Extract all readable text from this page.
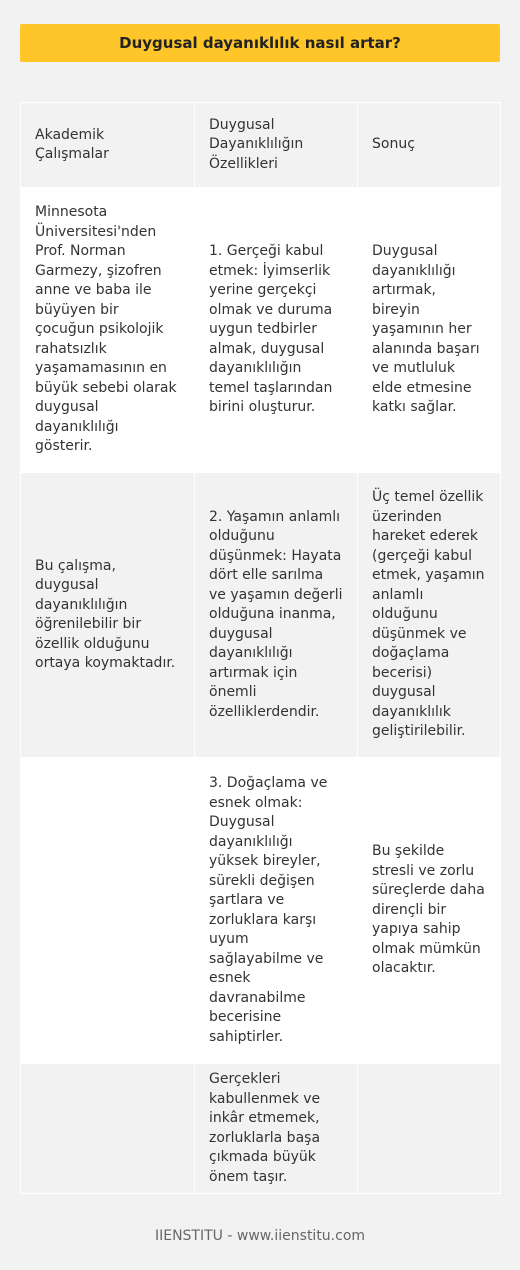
Duygusal dayanıklılık nasıl artar?
Akademik Çalışmalar	Duygusal Dayanıklılığın Özellikleri	Sonuç
Minnesota Üniversitesi'nden Prof. Norman Garmezy, şizofren anne ve baba ile büyüyen bir çocuğun psikolojik rahatsızlık yaşamamasının en büyük sebebi olarak duygusal dayanıklılığı gösterir.	1. Gerçeği kabul etmek: İyimserlik yerine gerçekçi olmak ve duruma uygun tedbirler almak, duygusal dayanıklılığın temel taşlarından birini oluşturur.	Duygusal dayanıklılığı artırmak, bireyin yaşamının her alanında başarı ve mutluluk elde etmesine katkı sağlar.
Bu çalışma, duygusal dayanıklılığın öğrenilebilir bir özellik olduğunu ortaya koymaktadır.	2. Yaşamın anlamlı olduğunu düşünmek: Hayata dört elle sarılma ve yaşamın değerli olduğuna inanma, duygusal dayanıklılığı artırmak için önemli özelliklerdendir.	Üç temel özellik üzerinden hareket ederek (gerçeği kabul etmek, yaşamın anlamlı olduğunu düşünmek ve doğaçlama becerisi) duygusal dayanıklılık geliştirilebilir.
	3. Doğaçlama ve esnek olmak: Duygusal dayanıklılığı yüksek bireyler, sürekli değişen şartlara ve zorluklara karşı uyum sağlayabilme ve esnek davranabilme becerisine sahiptirler.	Bu şekilde stresli ve zorlu süreçlerde daha dirençli bir yapıya sahip olmak mümkün olacaktır.
	Gerçekleri kabullenmek ve inkâr etmemek, zorluklarla başa çıkmada büyük önem taşır.	
IIENSTITU - www.iienstitu.com
